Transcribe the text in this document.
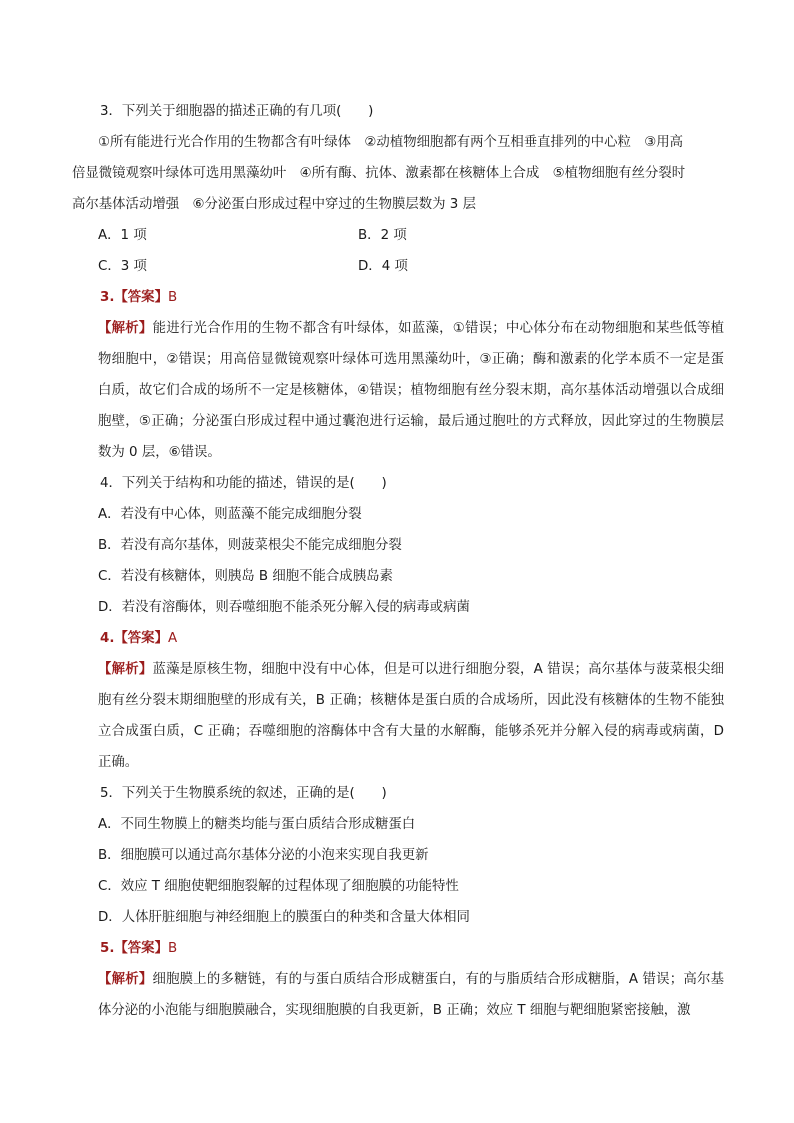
3．下列关于细胞器的描述正确的有几项(　　)
①所有能进行光合作用的生物都含有叶绿体　②动植物细胞都有两个互相垂直排列的中心粒　③用高
倍显微镜观察叶绿体可选用黑藻幼叶　④所有酶、抗体、激素都在核糖体上合成　⑤植物细胞有丝分裂时
高尔基体活动增强　⑥分泌蛋白形成过程中穿过的生物膜层数为 3 层
A．1 项	B．2 项
C．3 项	D．4 项
3.【答案】B
【解析】能进行光合作用的生物不都含有叶绿体，如蓝藻，①错误；中心体分布在动物细胞和某些低等植物细胞中，②错误；用高倍显微镜观察叶绿体可选用黑藻幼叶，③正确；酶和激素的化学本质不一定是蛋白质，故它们合成的场所不一定是核糖体，④错误；植物细胞有丝分裂末期，高尔基体活动增强以合成细胞壁，⑤正确；分泌蛋白形成过程中通过囊泡进行运输，最后通过胞吐的方式释放，因此穿过的生物膜层数为 0 层，⑥错误。
4．下列关于结构和功能的描述，错误的是(　　)
A．若没有中心体，则蓝藻不能完成细胞分裂
B．若没有高尔基体，则菠菜根尖不能完成细胞分裂
C．若没有核糖体，则胰岛 B 细胞不能合成胰岛素
D．若没有溶酶体，则吞噬细胞不能杀死分解入侵的病毒或病菌
4.【答案】A
【解析】蓝藻是原核生物，细胞中没有中心体，但是可以进行细胞分裂，A 错误；高尔基体与菠菜根尖细胞有丝分裂末期细胞壁的形成有关，B 正确；核糖体是蛋白质的合成场所，因此没有核糖体的生物不能独立合成蛋白质，C 正确；吞噬细胞的溶酶体中含有大量的水解酶，能够杀死并分解入侵的病毒或病菌，D 正确。
5．下列关于生物膜系统的叙述，正确的是(　　)
A．不同生物膜上的糖类均能与蛋白质结合形成糖蛋白
B．细胞膜可以通过高尔基体分泌的小泡来实现自我更新
C．效应 T 细胞使靶细胞裂解的过程体现了细胞膜的功能特性
D．人体肝脏细胞与神经细胞上的膜蛋白的种类和含量大体相同
5.【答案】B
【解析】细胞膜上的多糖链，有的与蛋白质结合形成糖蛋白，有的与脂质结合形成糖脂，A 错误；高尔基体分泌的小泡能与细胞膜融合，实现细胞膜的自我更新，B 正确；效应 T 细胞与靶细胞紧密接触，激
